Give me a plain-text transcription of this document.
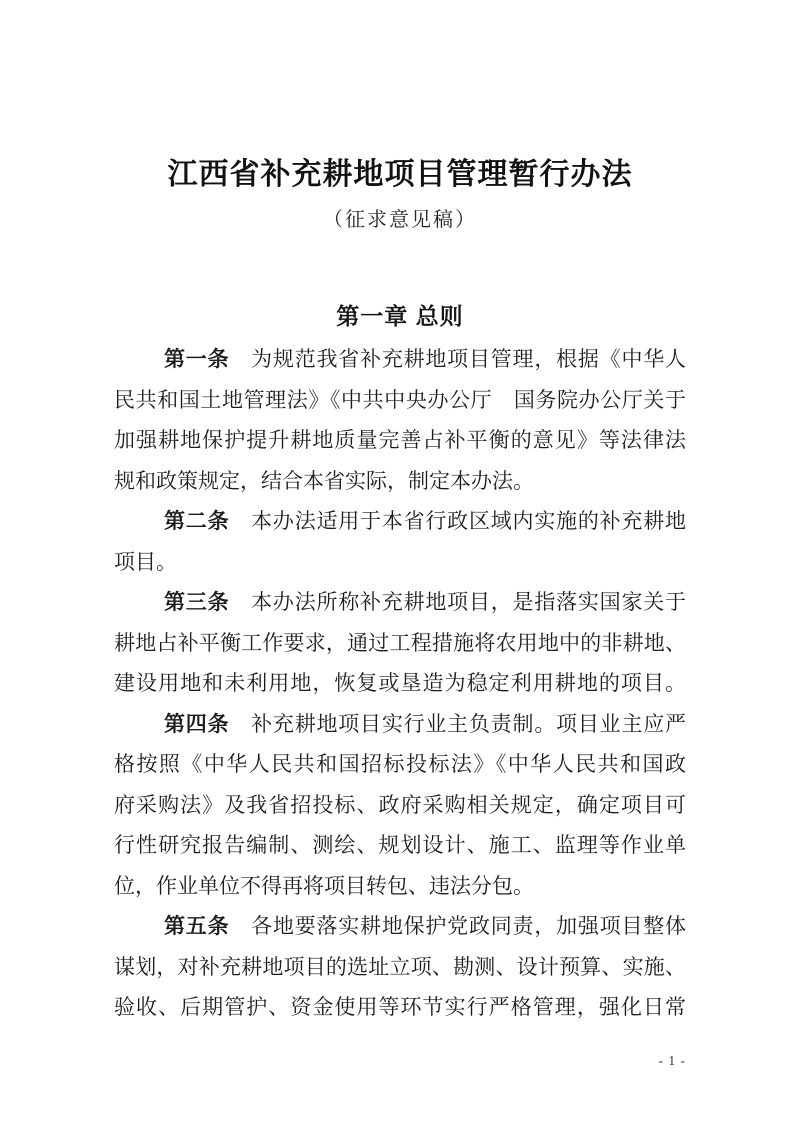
江西省补充耕地项目管理暂行办法
（征求意见稿）
第一章 总则
第一条　为规范我省补充耕地项目管理，根据《中华人
民共和国土地管理法》《中共中央办公厅　国务院办公厅关于
加强耕地保护提升耕地质量完善占补平衡的意见》等法律法
规和政策规定，结合本省实际，制定本办法。
第二条　本办法适用于本省行政区域内实施的补充耕地
项目。
第三条　本办法所称补充耕地项目，是指落实国家关于
耕地占补平衡工作要求，通过工程措施将农用地中的非耕地、
建设用地和未利用地，恢复或垦造为稳定利用耕地的项目。
第四条　补充耕地项目实行业主负责制。项目业主应严
格按照《中华人民共和国招标投标法》《中华人民共和国政
府采购法》及我省招投标、政府采购相关规定，确定项目可
行性研究报告编制、测绘、规划设计、施工、监理等作业单
位，作业单位不得再将项目转包、违法分包。
第五条　各地要落实耕地保护党政同责，加强项目整体
谋划，对补充耕地项目的选址立项、勘测、设计预算、实施、
验收、后期管护、资金使用等环节实行严格管理，强化日常
- 1 -
